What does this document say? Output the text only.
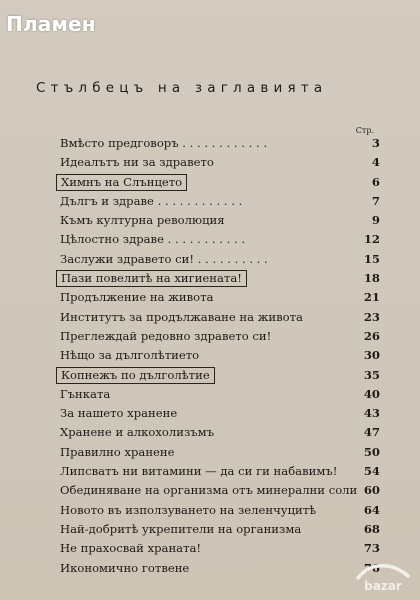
Пламен
Стълбецъ на заглавията
Стр.
Вмѣсто предговоръ . . . . . . . . . . . .	3
Идеалътъ ни за здравето	4
Химнъ на Слънцето	6
Дългъ и здраве . . . . . . . . . . . .	7
Къмъ културна революция	9
Цѣлостно здраве . . . . . . . . . . .	12
Заслужи здравето си! . . . . . . . . . .	15
Пази повелитѣ на хигиената!	18
Продължение на живота	21
Институтъ за продължаване на живота	23
Преглеждай редовно здравето си!	26
Нѣщо за дълголѣтието	30
Копнежъ по дълголѣтие	35
Гънката	40
За нашето хранене	43
Хранене и алкохолизъмъ	47
Правилно хранене	50
Липсватъ ни витамини — да си ги набавимъ!	54
Обединяване на организма отъ минерални соли 60
Новото въ използуването на зеленчуцитѣ	64
Най-добритѣ укрепители на организма	68
Не прахосвай храната!	73
Икономично готвене	76
bazar
